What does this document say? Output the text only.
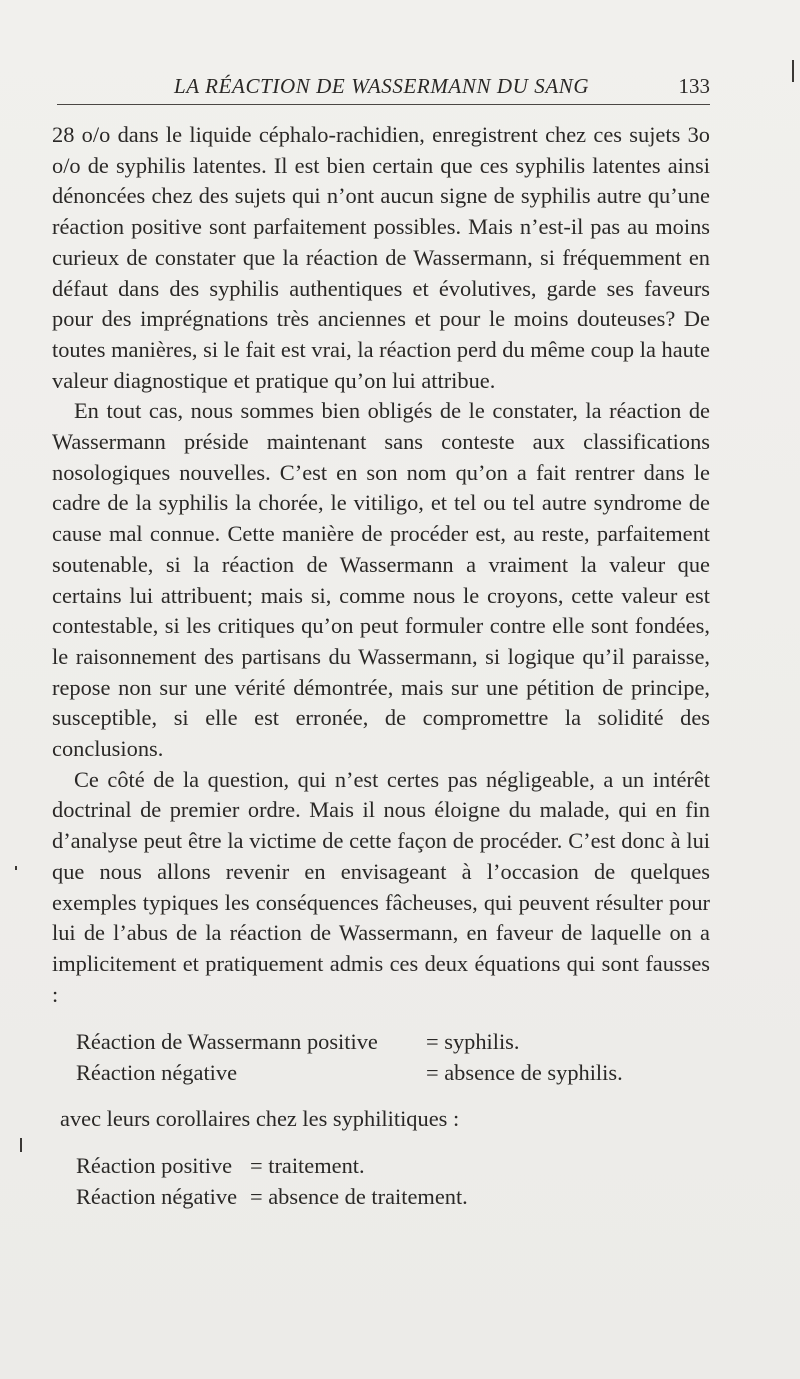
LA RÉACTION DE WASSERMANN DU SANG	133

28 o/o dans le liquide céphalo-rachidien, enregistrent chez ces sujets 3o o/o de syphilis latentes. Il est bien certain que ces syphilis latentes ainsi dénoncées chez des sujets qui n’ont aucun signe de syphilis autre qu’une réaction positive sont parfaitement possibles. Mais n’est-il pas au moins curieux de constater que la réaction de Wassermann, si fréquemment en défaut dans des syphilis authentiques et évolutives, garde ses faveurs pour des imprégnations très anciennes et pour le moins douteuses? De toutes manières, si le fait est vrai, la réaction perd du même coup la haute valeur diagnostique et pratique qu’on lui attribue.

En tout cas, nous sommes bien obligés de le constater, la réaction de Wassermann préside maintenant sans conteste aux classifications nosologiques nouvelles. C’est en son nom qu’on a fait rentrer dans le cadre de la syphilis la chorée, le vitiligo, et tel ou tel autre syndrome de cause mal connue. Cette manière de procéder est, au reste, parfaitement soutenable, si la réaction de Wassermann a vraiment la valeur que certains lui attribuent; mais si, comme nous le croyons, cette valeur est contestable, si les critiques qu’on peut formuler contre elle sont fondées, le raisonnement des partisans du Wassermann, si logique qu’il paraisse, repose non sur une vérité démontrée, mais sur une pétition de principe, susceptible, si elle est erronée, de compromettre la solidité des conclusions.

Ce côté de la question, qui n’est certes pas négligeable, a un intérêt doctrinal de premier ordre. Mais il nous éloigne du malade, qui en fin d’analyse peut être la victime de cette façon de procéder. C’est donc à lui que nous allons revenir en envisageant à l’occasion de quelques exemples typiques les conséquences fâcheuses, qui peuvent résulter pour lui de l’abus de la réaction de Wassermann, en faveur de laquelle on a implicitement et pratiquement admis ces deux équations qui sont fausses :

Réaction de Wassermann positive = syphilis.
Réaction négative	= absence de syphilis.
avec leurs corollaires chez les syphilitiques :
Réaction positive = traitement.
Réaction négative = absence de traitement.
